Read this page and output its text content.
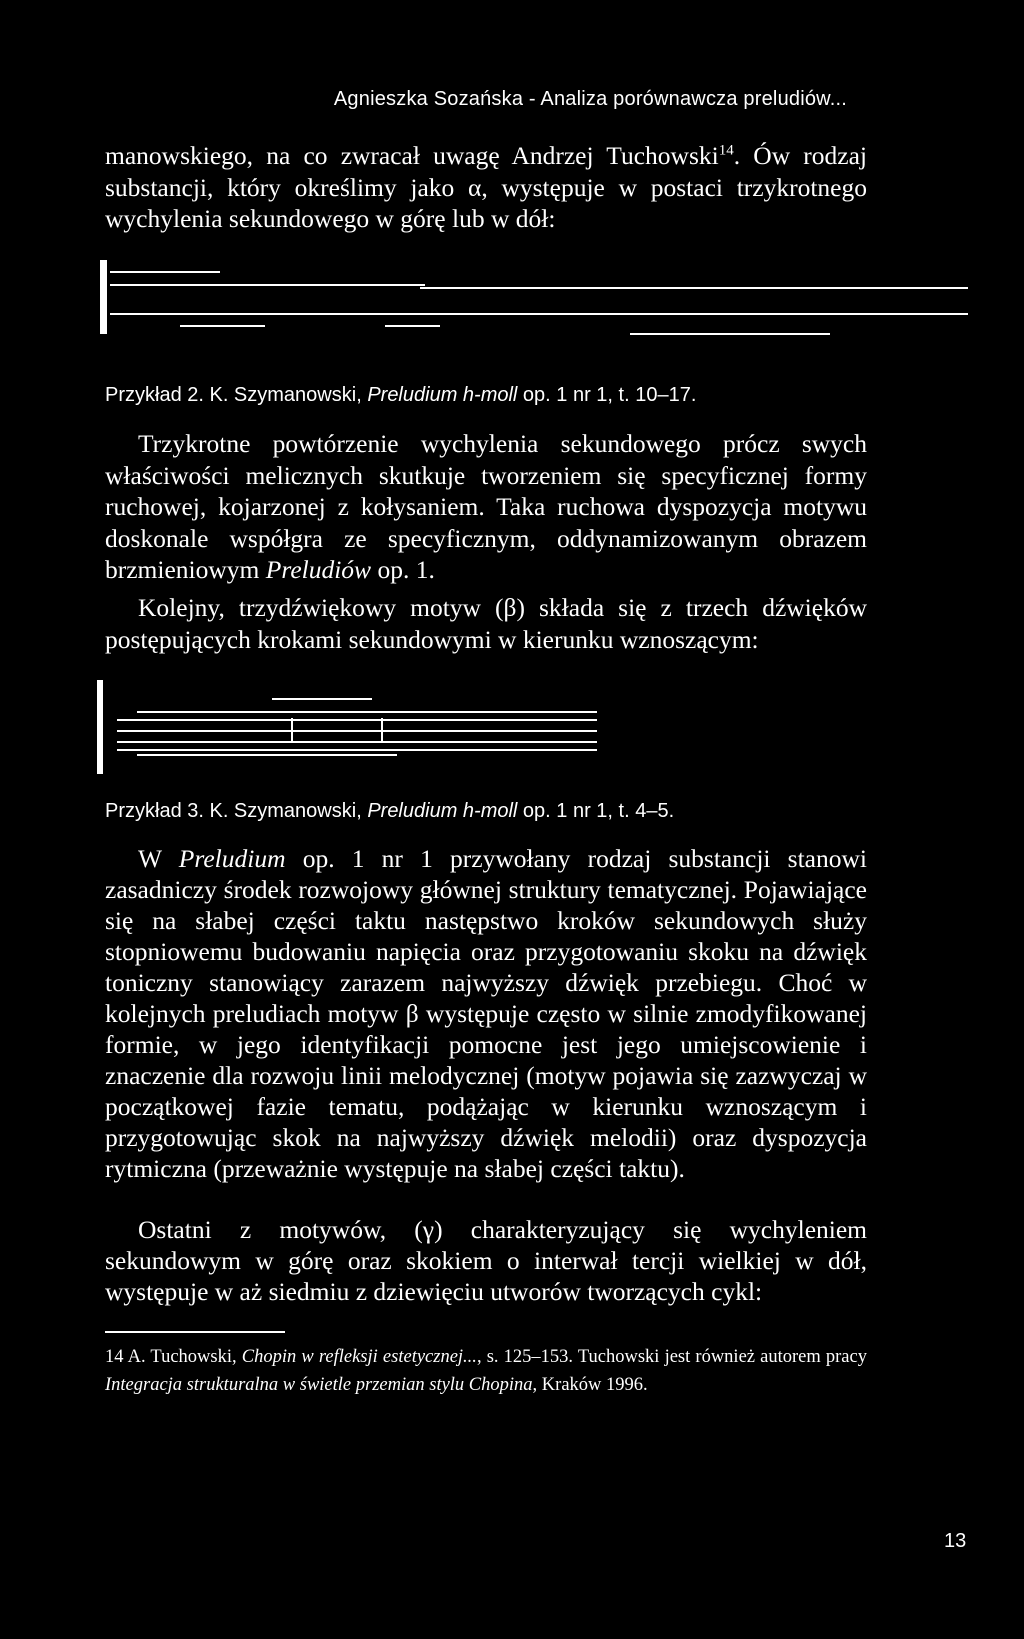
Agnieszka Sozańska - Analiza porównawcza preludiów...

manowskiego, na co zwracał uwagę Andrzej Tuchowski$^{14}$. Ów rodzaj substancji, który określimy jako α, występuje w postaci trzykrotnego wychylenia sekundowego w górę lub w dół:

Przykład 2. K. Szymanowski, Preludium h-moll op. 1 nr 1, t. 10–17.

Trzykrotne powtórzenie wychylenia sekundowego prócz swych właściwości melicznych skutkuje tworzeniem się specyficznej formy ruchowej, kojarzonej z kołysaniem. Taka ruchowa dyspozycja motywu doskonale współgra ze specyficznym, oddynamizowanym obrazem brzmieniowym Preludiów op. 1.

Kolejny, trzydźwiękowy motyw (β) składa się z trzech dźwięków postępujących krokami sekundowymi w kierunku wznoszącym:

Przykład 3. K. Szymanowski, Preludium h-moll op. 1 nr 1, t. 4–5.

W Preludium op. 1 nr 1 przywołany rodzaj substancji stanowi zasadniczy środek rozwojowy głównej struktury tematycznej. Pojawiające się na słabej części taktu następstwo kroków sekundowych służy stopniowemu budowaniu napięcia oraz przygotowaniu skoku na dźwięk toniczny stanowiący zarazem najwyższy dźwięk przebiegu. Choć w kolejnych preludiach motyw β występuje często w silnie zmodyfikowanej formie, w jego identyfikacji pomocne jest jego umiejscowienie i znaczenie dla rozwoju linii melodycznej (motyw pojawia się zazwyczaj w początkowej fazie tematu, podążając w kierunku wznoszącym i przygotowując skok na najwyższy dźwięk melodii) oraz dyspozycja rytmiczna (przeważnie występuje na słabej części taktu).

Ostatni z motywów, (γ) charakteryzujący się wychyleniem sekundowym w górę oraz skokiem o interwał tercji wielkiej w dół, występuje w aż siedmiu z dziewięciu utworów tworzących cykl:

14 A. Tuchowski, Chopin w refleksji estetycznej..., s. 125–153. Tuchowski jest również autorem pracy Integracja strukturalna w świetle przemian stylu Chopina, Kraków 1996.
13
